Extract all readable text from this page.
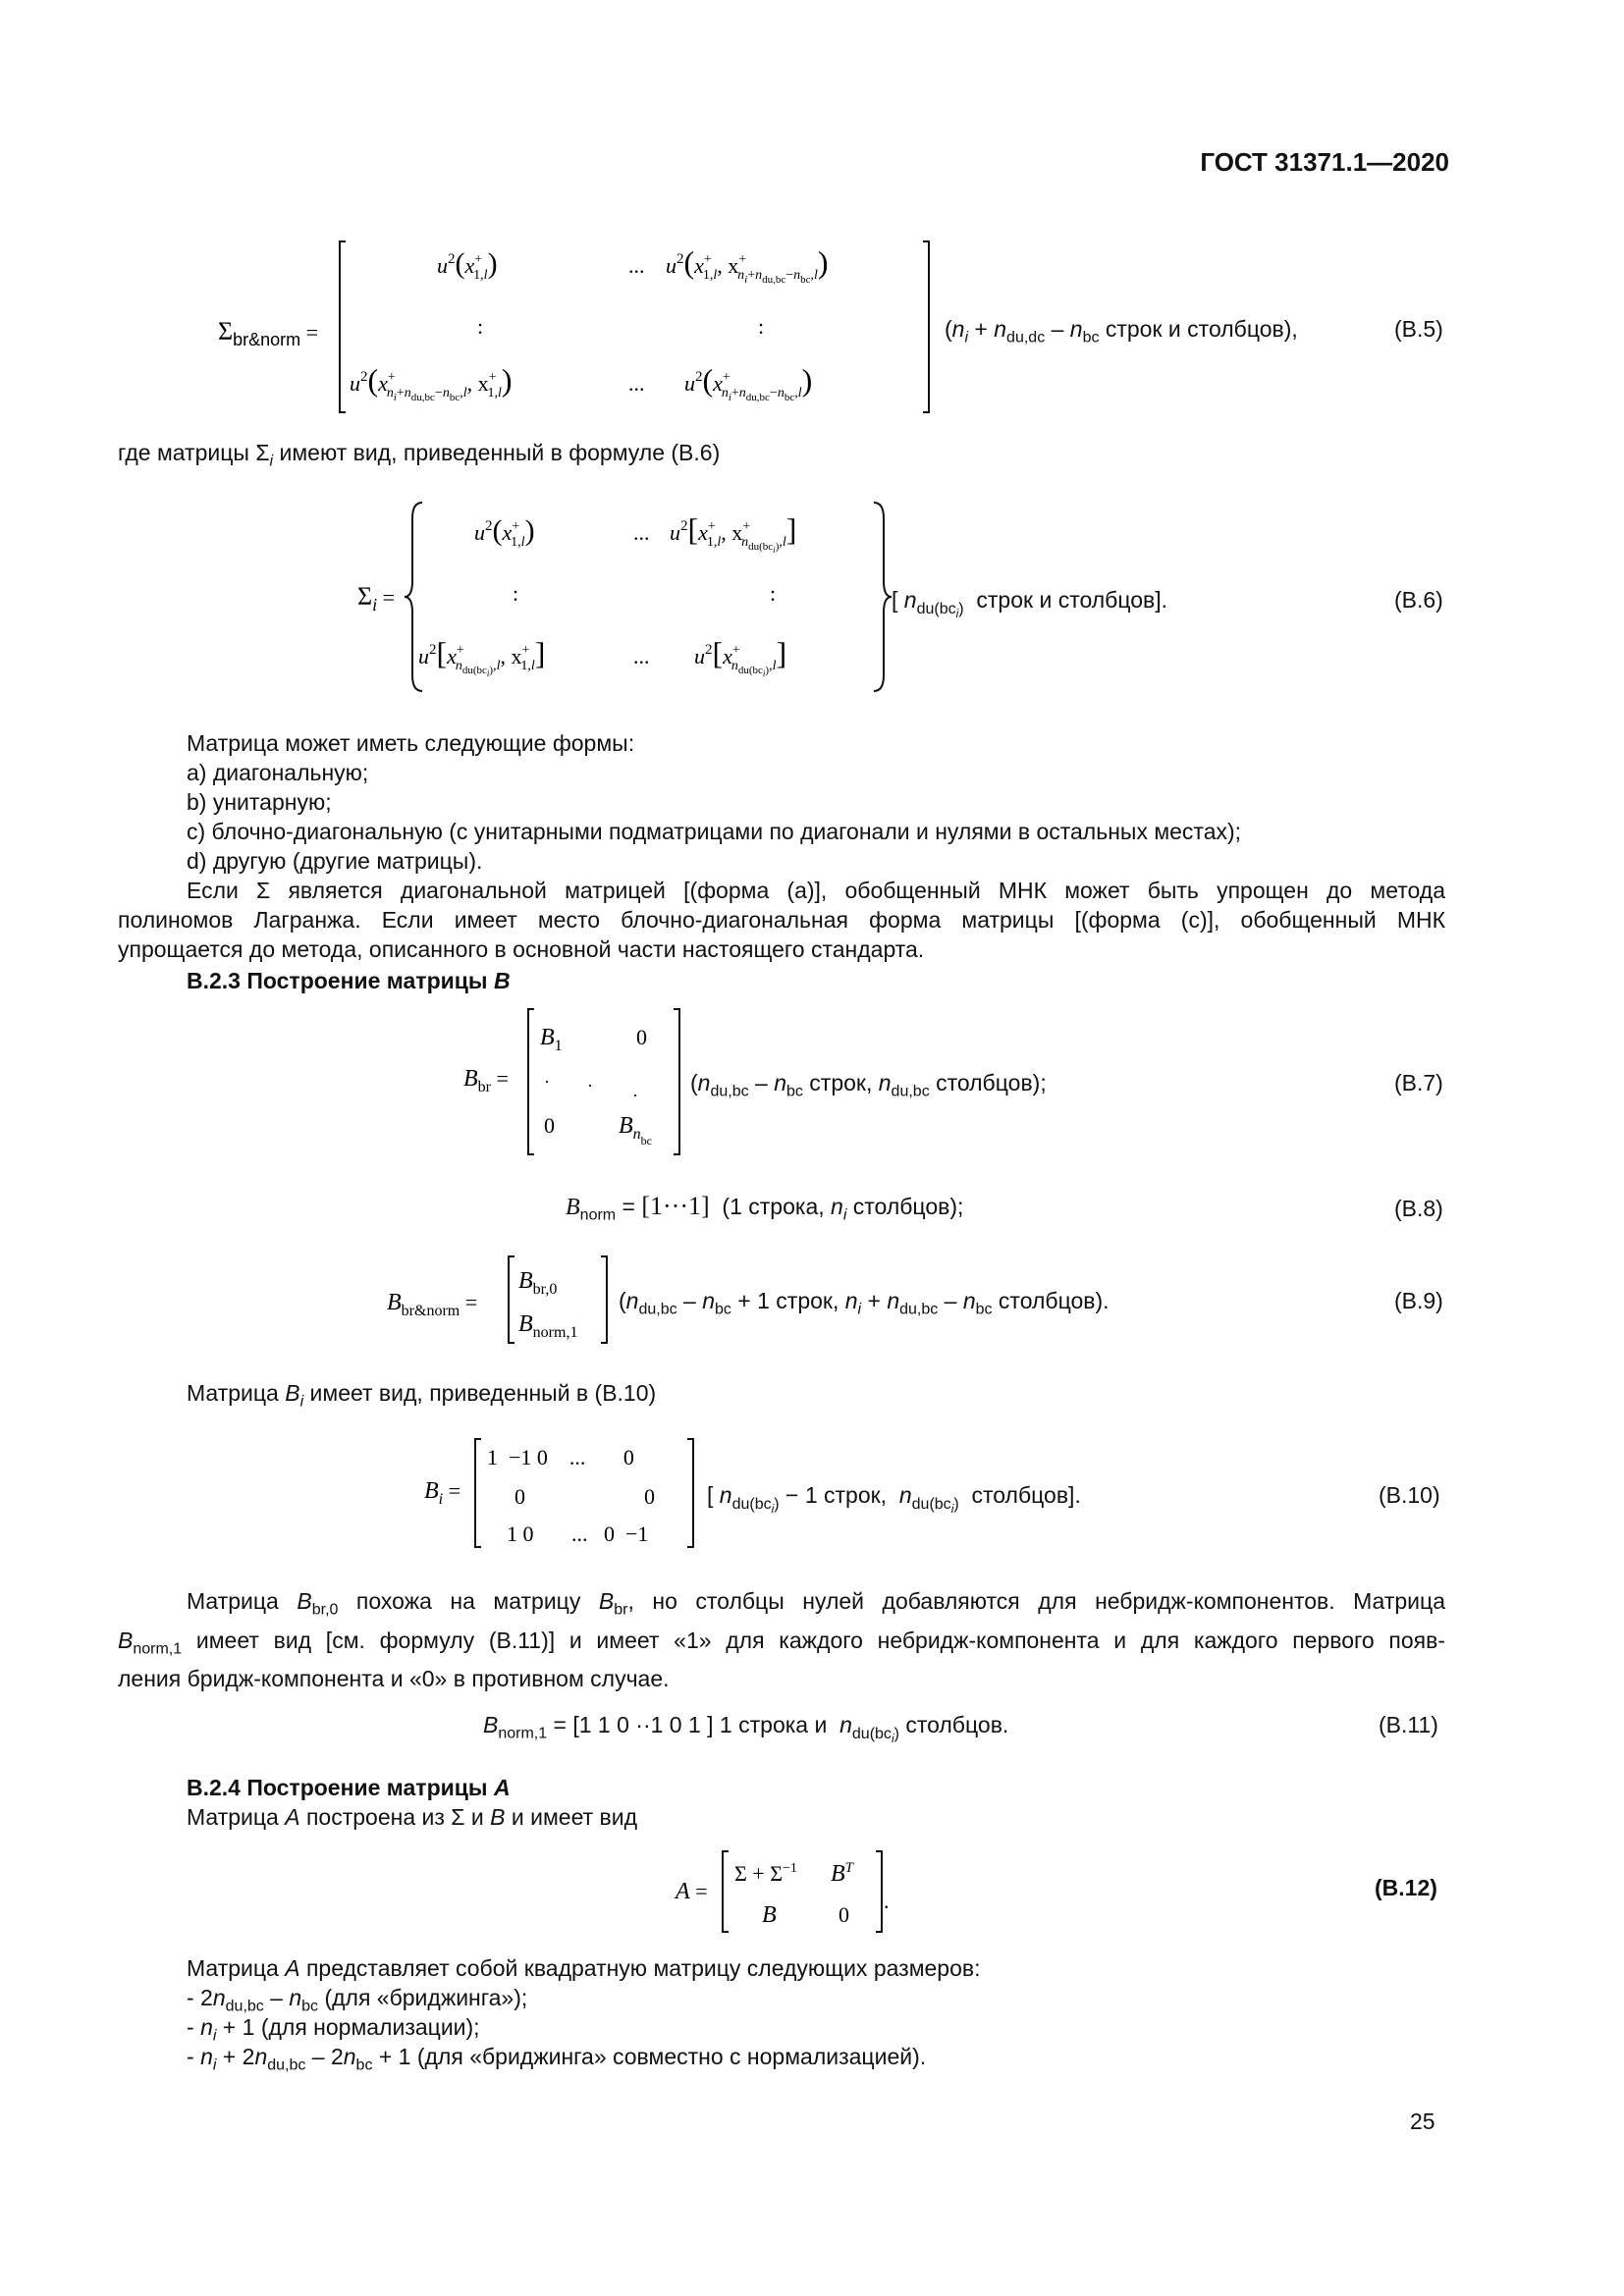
ГОСТ 31371.1—2020
$\Sigma_{br\&norm}$ =
$u^2(x^+$ 1,l)	... $u^2(x^+$ 1,l, x+ ni+ndu,bc−nbc,l)
:	:
$u^2(x^+$ ni+ndu,bc−nbc,l, x+ 1,l)	... $u^2(x^+$ ni+ndu,bc−nbc,l)
($n_i + n_{du,dc} - n_{bc}$ строк и столбцов),	(B.5)
где матрицы $\Sigma_i$ имеют вид, приведенный в формуле (В.6)
$\Sigma_i$ =
$u^2(x^+$ 1,l)	... $u^2[x^+$ 1,l, x+ ndu(bci),l]
:	:
$u^2[x^+$ ndu(bci),l, x+ 1,l]	... $u^2[x^+$ ndu(bci),l]
[ $n_{du(bc_i)}$  строк и столбцов].	(B.6)
Матрица может иметь следующие формы:
а) диагональную;
b) унитарную;
c) блочно-диагональную (с унитарными подматрицами по диагонали и нулями в остальных местах);
d) другую (другие матрицы).
Если Σ является диагональной матрицей [(форма (а)], обобщенный МНК может быть упрощен до метода
полиномов Лагранжа. Если имеет место блочно-диагональная форма матрицы [(форма (с)], обобщенный МНК
упрощается до метода, описанного в основной части настоящего стандарта.
В.2.3 Построение матрицы B
$B_{br}$ =
$B_1$	0
· · ·
0	$B_{nbc}$
($n_{du,bc} - n_{bc}$ строк, $n_{du,bc}$ столбцов);	(B.7)
$B_{norm} = [1\cdot\cdot\cdot 1]$  (1 строка, $n_i$ столбцов);	(B.8)
$B_{br\&norm}$ =
$B_{br,0}$
$B_{norm,1}$
($n_{du,bc} - n_{bc} + 1$ строк, $n_i + n_{du,bc} - n_{bc}$ столбцов).	(B.9)
Матрица $B_i$ имеет вид, приведенный в (В.10)
$B_i$ =
1  −1 0    ...       0
0                      0
1 0       ...   0  −1
[ $n_{du(bc_i)} - 1$ строк,  $n_{du(bc_i)}$  столбцов].	(B.10)
Матрица $B_{br,0}$ похожа на матрицу $B_{br}$, но столбцы нулей добавляются для небридж-компонентов. Матрица
$B_{norm,1}$ имеет вид [см. формулу (В.11)] и имеет «1» для каждого небридж-компонента и для каждого первого появ-
ления бридж-компонента и «0» в противном случае.
$B_{norm,1} = [1$ 1 0 ··1 0 1 ] 1 строка и  $n_{du(bc_i)}$ столбцов.	(B.11)
В.2.4 Построение матрицы A
Матрица A построена из Σ и B и имеет вид
A =
$\Sigma + \Sigma^{-1}$ $B^T$
B	0
.
(B.12)
Матрица A представляет собой квадратную матрицу следующих размеров:
- $2n_{du,bc} - n_{bc}$ (для «бриджинга»);
- $n_i + 1$ (для нормализации);
- $n_i + 2n_{du,bc} - 2n_{bc} + 1$ (для «бриджинга» совместно с нормализацией).
25
